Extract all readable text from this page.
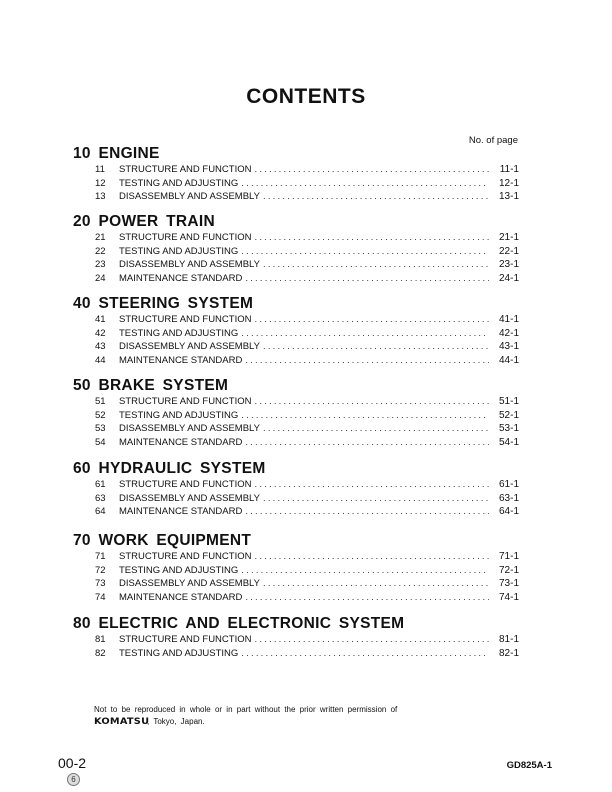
CONTENTS
No. of page
10 ENGINE
11	STRUCTURE AND FUNCTION .....	11-1
12	TESTING AND ADJUSTING .....	12-1
13	DISASSEMBLY AND ASSEMBLY .....	13-1
20 POWER TRAIN
21	STRUCTURE AND FUNCTION .....	21-1
22	TESTING AND ADJUSTING .....	22-1
23	DISASSEMBLY AND ASSEMBLY .....	23-1
24	MAINTENANCE STANDARD .....	24-1
40 STEERING SYSTEM
41	STRUCTURE AND FUNCTION .....	41-1
42	TESTING AND ADJUSTING .....	42-1
43	DISASSEMBLY AND ASSEMBLY .....	43-1
44	MAINTENANCE STANDARD .....	44-1
50 BRAKE SYSTEM
51	STRUCTURE AND FUNCTION .....	51-1
52	TESTING AND ADJUSTING .....	52-1
53	DISASSEMBLY AND ASSEMBLY .....	53-1
54	MAINTENANCE STANDARD .....	54-1
60 HYDRAULIC SYSTEM
61	STRUCTURE AND FUNCTION .....	61-1
63	DISASSEMBLY AND ASSEMBLY .....	63-1
64	MAINTENANCE STANDARD .....	64-1
70 WORK EQUIPMENT
71	STRUCTURE AND FUNCTION .....	71-1
72	TESTING AND ADJUSTING .....	72-1
73	DISASSEMBLY AND ASSEMBLY .....	73-1
74	MAINTENANCE STANDARD .....	74-1
80 ELECTRIC AND ELECTRONIC SYSTEM
81	STRUCTURE AND FUNCTION .....	81-1
82	TESTING AND ADJUSTING .....	82-1
Not to be reproduced in whole or in part without the prior written permission of
KOMATSU, Tokyo, Japan.
00-2
6
GD825A-1
